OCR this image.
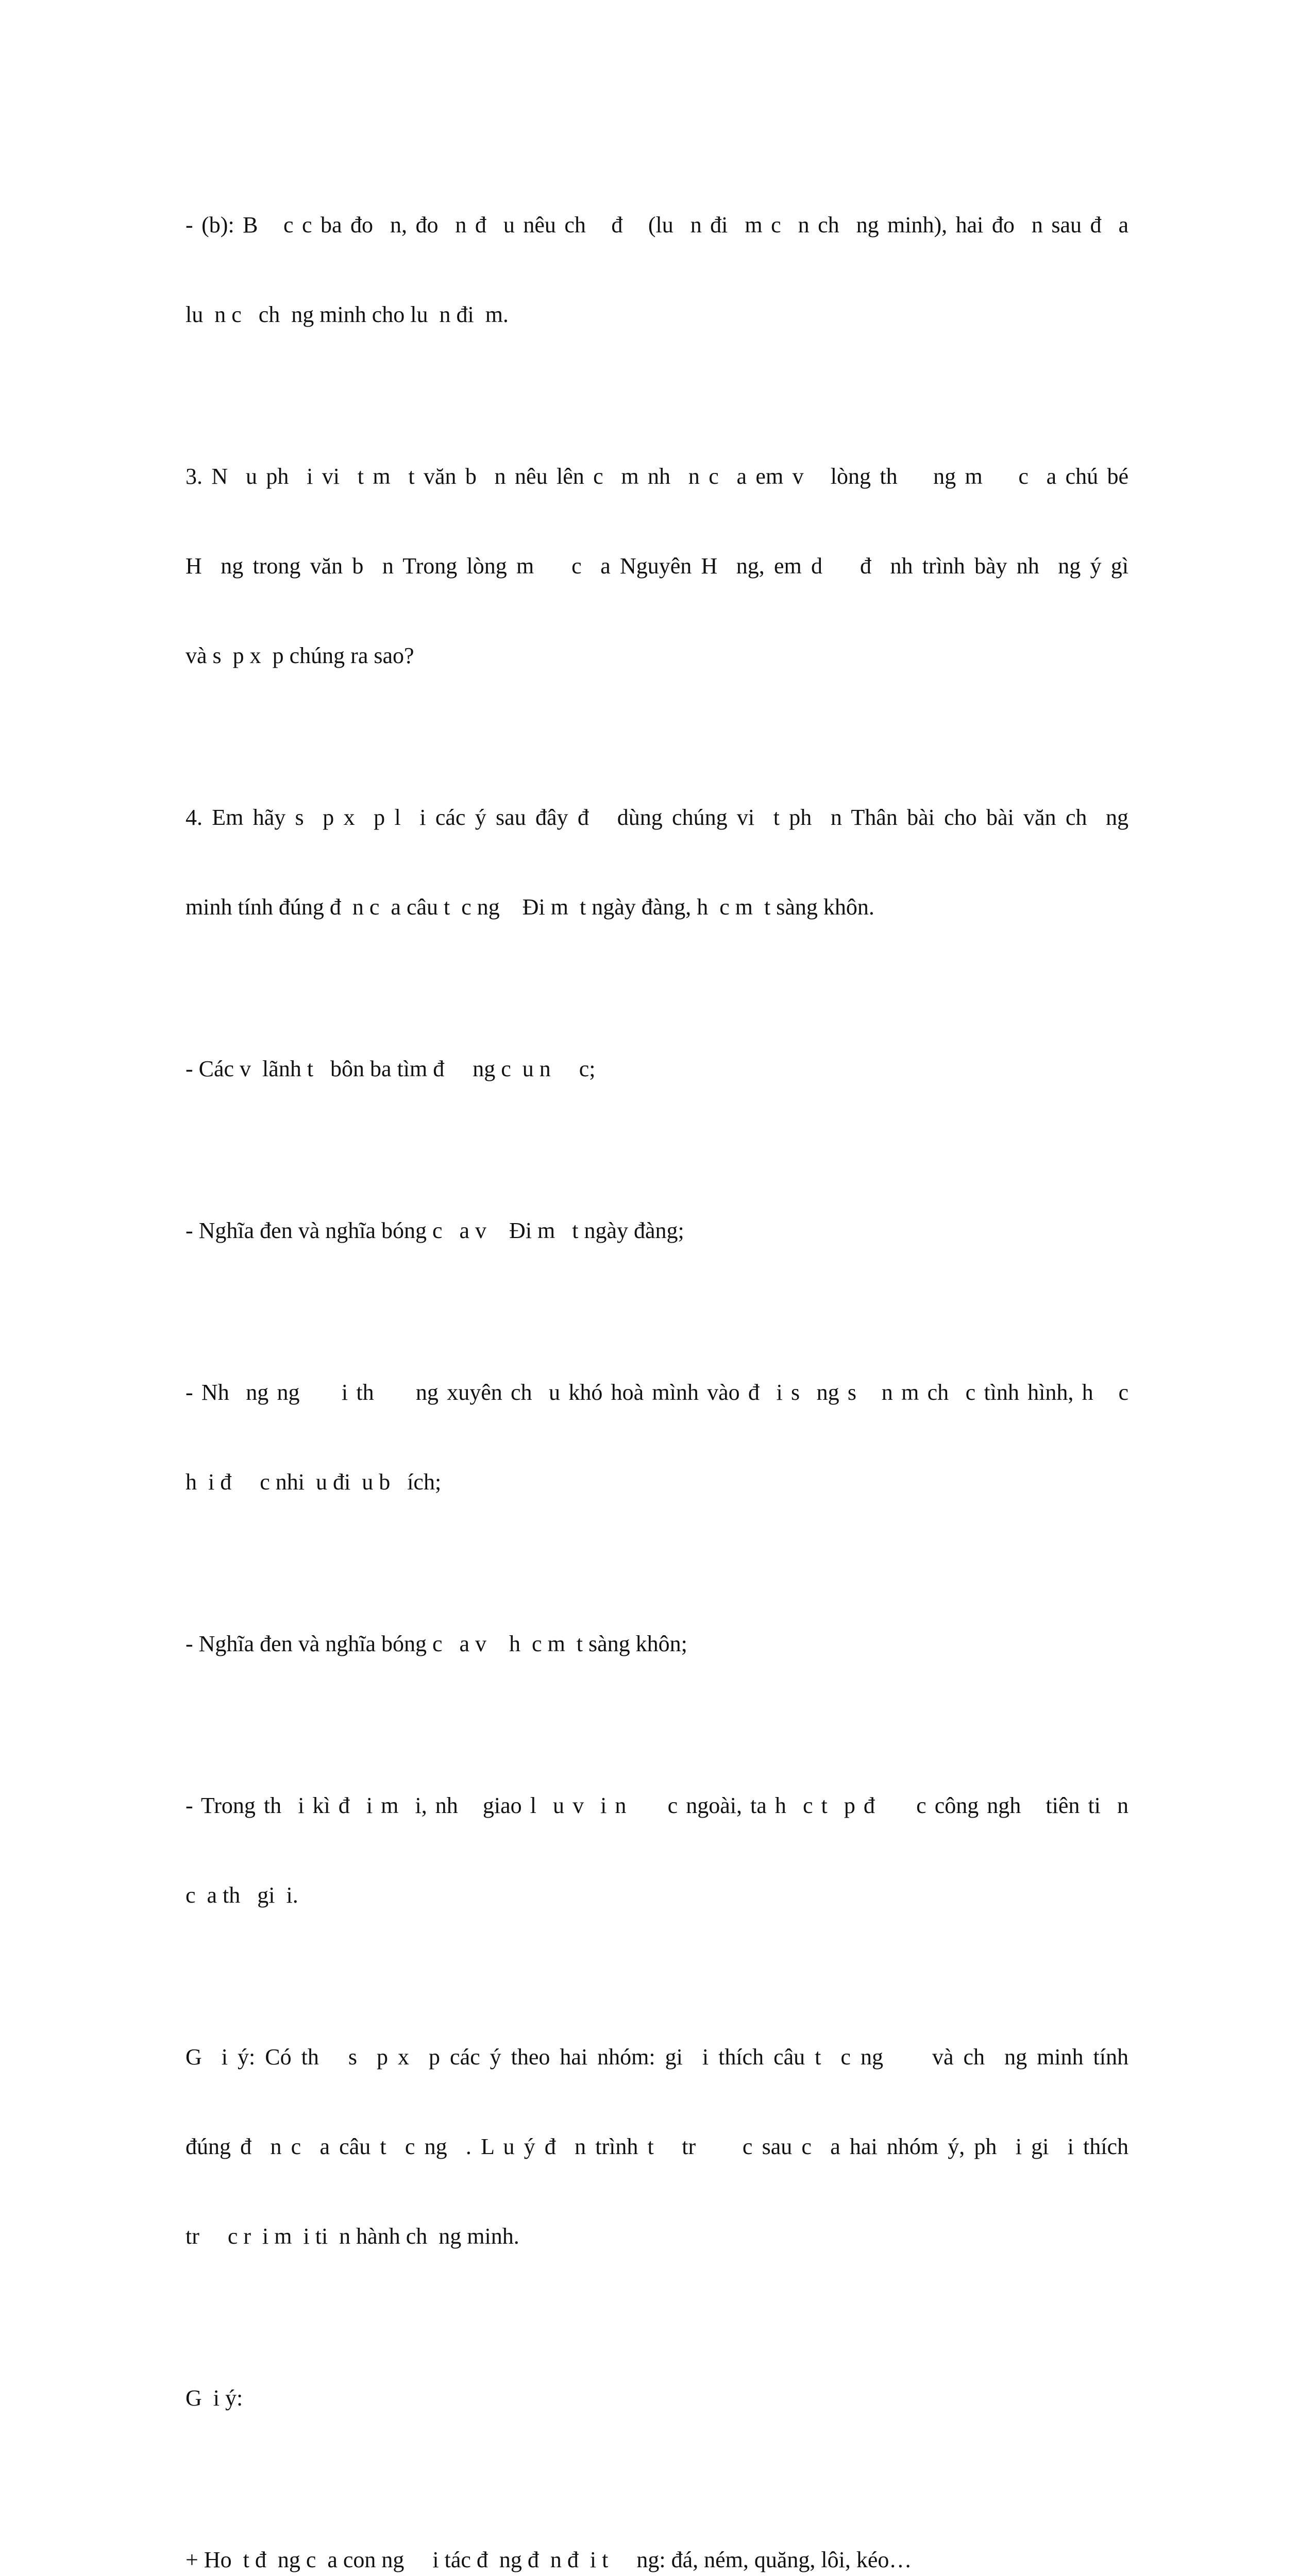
- (b): B   c c ba đo  n, đo  n đ  u nêu ch   đ   (lu  n đi  m c  n ch  ng minh), hai đo  n sau đ  a

lu  n c   ch  ng minh cho lu  n đi  m.

3. N  u ph  i vi  t m  t văn b  n nêu lên c  m nh  n c  a em v   lòng th    ng m    c  a chú bé

H  ng trong văn b  n Trong lòng m    c  a Nguyên H  ng, em d    đ  nh trình bày nh  ng ý gì

và s  p x  p chúng ra sao?

4. Em hãy s  p x  p l  i các ý sau đây đ   dùng chúng vi  t ph  n Thân bài cho bài văn ch  ng

minh tính đúng đ  n c  a câu t  c ng    Đi m  t ngày đàng, h  c m  t sàng khôn.

- Các v  lãnh t   bôn ba tìm đ     ng c  u n     c;

- Nghĩa đen và nghĩa bóng c   a v    Đi m   t ngày đàng;

- Nh  ng ng     i th     ng xuyên ch  u khó hoà mình vào đ  i s  ng s   n m ch  c tình hình, h   c

h  i đ     c nhi  u đi  u b   ích;

- Nghĩa đen và nghĩa bóng c   a v    h  c m  t sàng khôn;

- Trong th  i kì đ  i m  i, nh   giao l  u v  i n     c ngoài, ta h  c t  p đ     c công ngh   tiên ti  n

c  a th   gi  i.

G  i ý: Có th   s  p x  p các ý theo hai nhóm: gi  i thích câu t  c ng     và ch  ng minh tính

đúng đ  n c  a câu t  c ng  . L u ý đ  n trình t   tr     c sau c  a hai nhóm ý, ph  i gi  i thích

tr     c r  i m  i ti  n hành ch  ng minh.

G  i ý:

+ Ho  t đ  ng c  a con ng     i tác đ  ng đ  n đ  i t     ng: đá, ném, quăng, lôi, kéo…
